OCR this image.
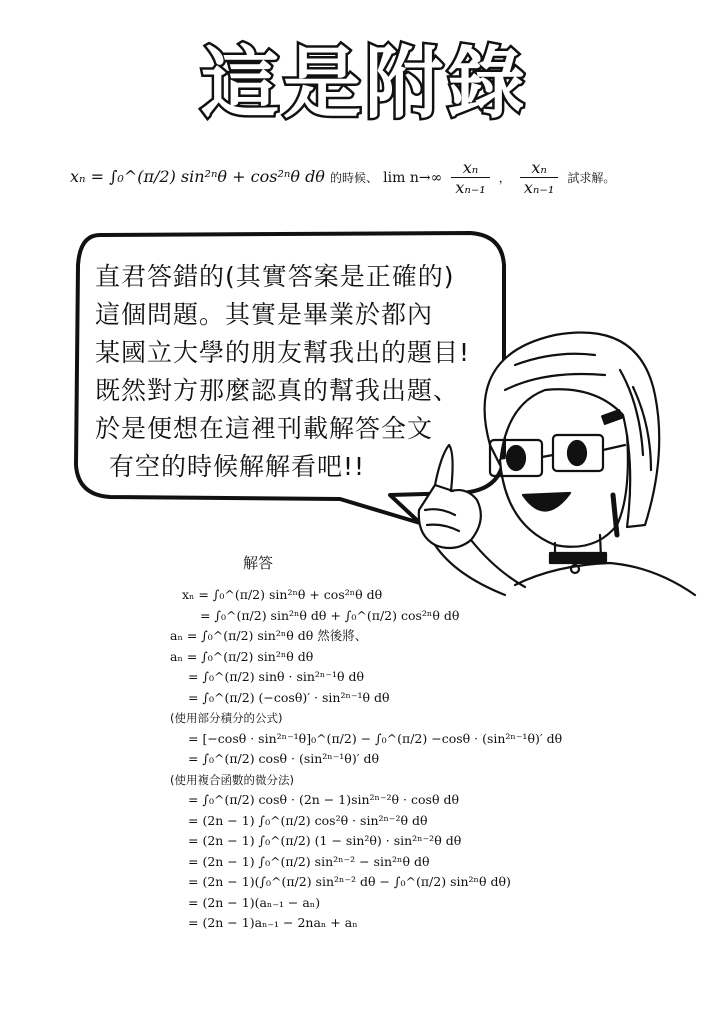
這是附錄
xₙ = ∫₀^(π/2) sin²ⁿθ + cos²ⁿθ dθ 的時候、 $\lim n\to\infty \frac{\text{xₙ}}{\text{xₙ₋₁}}$ ， $\frac{\text{xₙ}}{\text{xₙ₋₁}}$ 試求解。
直君答錯的(其實答案是正確的)
這個問題。其實是畢業於都內
某國立大學的朋友幫我出的題目!
既然對方那麼認真的幫我出題、
於是便想在這裡刊載解答全文
有空的時候解解看吧!!
解答
xₙ = ∫₀^(π/2) sin²ⁿθ + cos²ⁿθ dθ
= ∫₀^(π/2) sin²ⁿθ dθ + ∫₀^(π/2) cos²ⁿθ dθ
aₙ = ∫₀^(π/2) sin²ⁿθ dθ 然後將、
aₙ = ∫₀^(π/2) sin²ⁿθ dθ
= ∫₀^(π/2) sinθ · sin²ⁿ⁻¹θ dθ
= ∫₀^(π/2) (−cosθ)′ · sin²ⁿ⁻¹θ dθ
(使用部分積分的公式)
= [−cosθ · sin²ⁿ⁻¹θ]₀^(π/2) − ∫₀^(π/2) −cosθ · (sin²ⁿ⁻¹θ)′ dθ
= ∫₀^(π/2) cosθ · (sin²ⁿ⁻¹θ)′ dθ
(使用複合函數的微分法)
= ∫₀^(π/2) cosθ · (2n − 1)sin²ⁿ⁻²θ · cosθ dθ
= (2n − 1) ∫₀^(π/2) cos²θ · sin²ⁿ⁻²θ dθ
= (2n − 1) ∫₀^(π/2) (1 − sin²θ) · sin²ⁿ⁻²θ dθ
= (2n − 1) ∫₀^(π/2) sin²ⁿ⁻² − sin²ⁿθ dθ
= (2n − 1)(∫₀^(π/2) sin²ⁿ⁻² dθ − ∫₀^(π/2) sin²ⁿθ dθ)
= (2n − 1)(aₙ₋₁ − aₙ)
= (2n − 1)aₙ₋₁ − 2naₙ + aₙ
